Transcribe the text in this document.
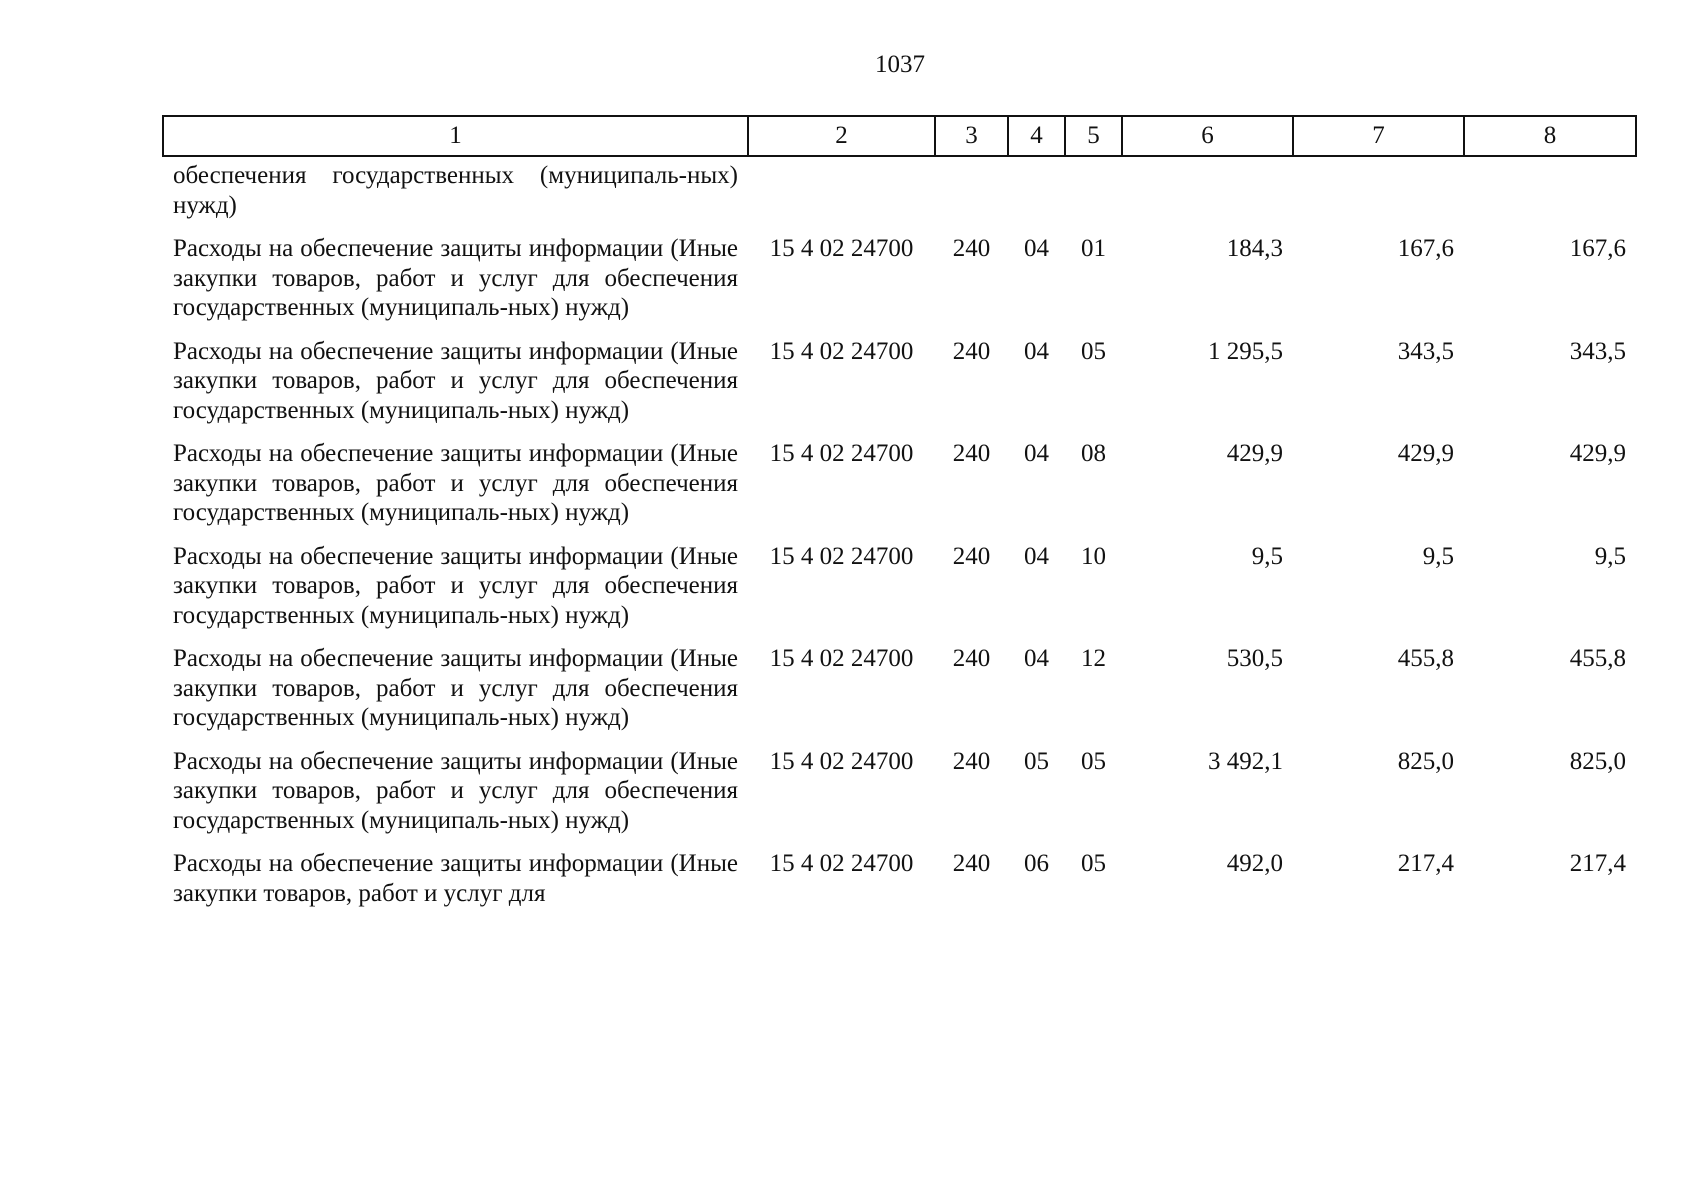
1037
1	2	3	4	5	6	7	8
обеспечения государственных (муниципаль-ных) нужд)							
Расходы на обеспечение защиты информации (Иные закупки товаров, работ и услуг для обеспечения государственных (муниципаль-ных) нужд)	15 4 02 24700	240	04	01	184,3	167,6	167,6
Расходы на обеспечение защиты информации (Иные закупки товаров, работ и услуг для обеспечения государственных (муниципаль-ных) нужд)	15 4 02 24700	240	04	05	1 295,5	343,5	343,5
Расходы на обеспечение защиты информации (Иные закупки товаров, работ и услуг для обеспечения государственных (муниципаль-ных) нужд)	15 4 02 24700	240	04	08	429,9	429,9	429,9
Расходы на обеспечение защиты информации (Иные закупки товаров, работ и услуг для обеспечения государственных (муниципаль-ных) нужд)	15 4 02 24700	240	04	10	9,5	9,5	9,5
Расходы на обеспечение защиты информации (Иные закупки товаров, работ и услуг для обеспечения государственных (муниципаль-ных) нужд)	15 4 02 24700	240	04	12	530,5	455,8	455,8
Расходы на обеспечение защиты информации (Иные закупки товаров, работ и услуг для обеспечения государственных (муниципаль-ных) нужд)	15 4 02 24700	240	05	05	3 492,1	825,0	825,0
Расходы на обеспечение защиты информации (Иные закупки товаров, работ и услуг для	15 4 02 24700	240	06	05	492,0	217,4	217,4
